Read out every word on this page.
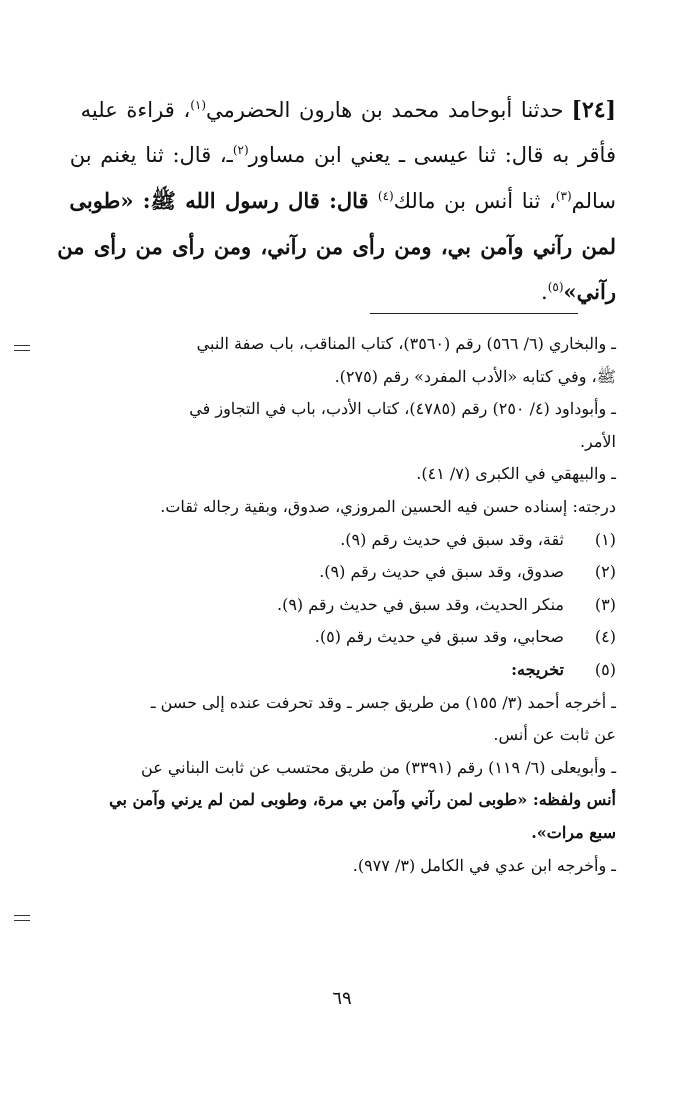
[٢٤]حدثنا أبوحامد محمد بن هارون الحضرمي$^{(١)}$، قراءة عليه
فأقر به قال: ثنا عيسى ـ يعني ابن مساور$^{(٢)}$ـ، قال: ثنا يغنم بن
سالم$^{(٣)}$، ثنا أنس بن مالك$^{(٤)}$ قال: قال رسول الله ﷺ: «طوبى
لمن رآني وآمن بي، ومن رأى من رآني، ومن رأى من رأى من
رآني»$^{(٥)}$.

ـ والبخاري (٦/ ٥٦٦) رقم (٣٥٦٠)، كتاب المناقب، باب صفة النبي

ﷺ، وفي كتابه «الأدب المفرد» رقم (٢٧٥).

ـ وأبوداود (٤/ ٢٥٠) رقم (٤٧٨٥)، كتاب الأدب، باب في التجاوز في

الأمر.

ـ والبيهقي في الكبرى (٧/ ٤١).

درجته: إسناده حسن فيه الحسين المروزي، صدوق، وبقية رجاله ثقات.

(١)
ثقة، وقد سبق في حديث رقم (٩).
(٢)
صدوق، وقد سبق في حديث رقم (٩).
(٣)
منكر الحديث، وقد سبق في حديث رقم (٩).
(٤)
صحابي، وقد سبق في حديث رقم (٥).
(٥)
تخريجه:

ـ أخرجه أحمد (٣/ ١٥٥) من طريق جسر ـ وقد تحرفت عنده إلى حسن ـ

عن ثابت عن أنس.

ـ وأبويعلى (٦/ ١١٩) رقم (٣٣٩١) من طريق محتسب عن ثابت البناني عن

أنس ولفظه: «طوبى لمن رآني وآمن بي مرة، وطوبى لمن لم يرني وآمن بي

سبع مرات».

ـ وأخرجه ابن عدي في الكامل (٣/ ٩٧٧).

٦٩
